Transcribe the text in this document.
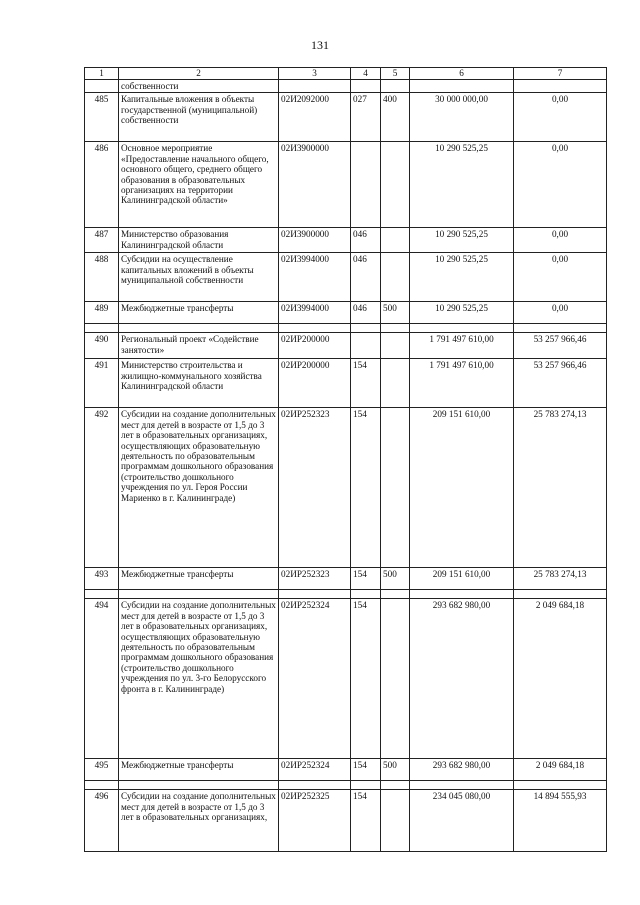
131
1	2	3	4	5	6	7
	собственности					
485	Капитальные вложения в объекты государственной (муниципальной) собственности	02И2092000	027	400	30 000 000,00	0,00
486	Основное мероприятие «Предоставление начального общего, основного общего, среднего общего образования в образовательных организациях на территории Калининградской области»	02И3900000			10 290 525,25	0,00
487	Министерство образования Калининградской области	02И3900000	046		10 290 525,25	0,00
488	Субсидии на осуществление капитальных вложений в объекты муниципальной собственности	02И3994000	046		10 290 525,25	0,00
489	Межбюджетные трансферты	02И3994000	046	500	10 290 525,25	0,00

490	Региональный проект «Содействие занятости»	02ИР200000			1 791 497 610,00	53 257 966,46
491	Министерство строительства и жилищно-коммунального хозяйства Калининградской области	02ИР200000	154		1 791 497 610,00	53 257 966,46
492	Субсидии на создание дополнительных мест для детей в возрасте от 1,5 до 3 лет в образовательных организациях, осуществляющих образовательную деятельность по образовательным программам дошкольного образования (строительство дошкольного учреждения по ул. Героя России Мариенко в г. Калининграде)	02ИР252323	154		209 151 610,00	25 783 274,13
493	Межбюджетные трансферты	02ИР252323	154	500	209 151 610,00	25 783 274,13

494	Субсидии на создание дополнительных мест для детей в возрасте от 1,5 до 3 лет в образовательных организациях, осуществляющих образовательную деятельность по образовательным программам дошкольного образования (строительство дошкольного учреждения по ул. 3-го Белорусского фронта в г. Калининграде)	02ИР252324	154		293 682 980,00	2 049 684,18
495	Межбюджетные трансферты	02ИР252324	154	500	293 682 980,00	2 049 684,18

496	Субсидии на создание дополнительных мест для детей в возрасте от 1,5 до 3 лет в образовательных организациях,	02ИР252325	154		234 045 080,00	14 894 555,93
